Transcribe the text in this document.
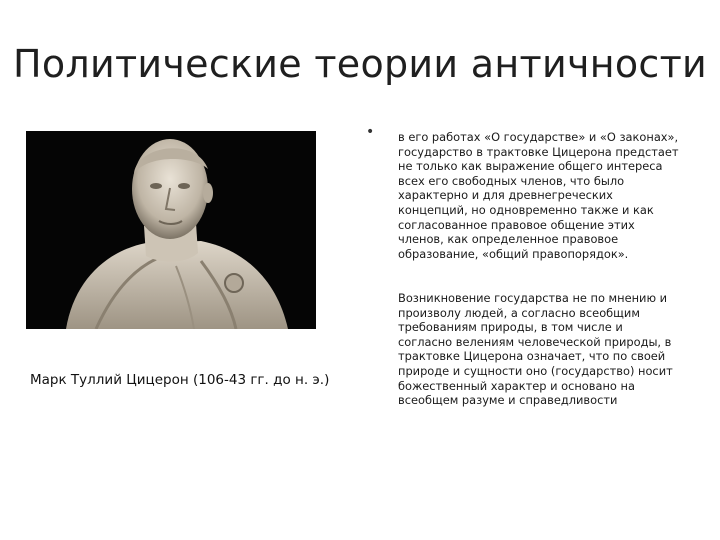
Политические теории античности
Марк Туллий Цицерон (106-43 гг. до н. э.)
• в его работах «О государстве» и «О законах», государство в трактовке Цицерона предстает не только как выражение общего интереса всех его свободных членов, что было характерно и для древнегреческих концепций, но одновременно также и как согласованное правовое общение этих членов, как определенное правовое образование, «общий правопорядок».
Возникновение государства не по мнению и произволу людей, а согласно всеобщим требованиям природы, в том числе и согласно велениям человеческой природы, в трактовке Цицерона означает, что по своей природе и сущности оно (государство) носит божественный характер и основано на всеобщем разуме и справедливости
